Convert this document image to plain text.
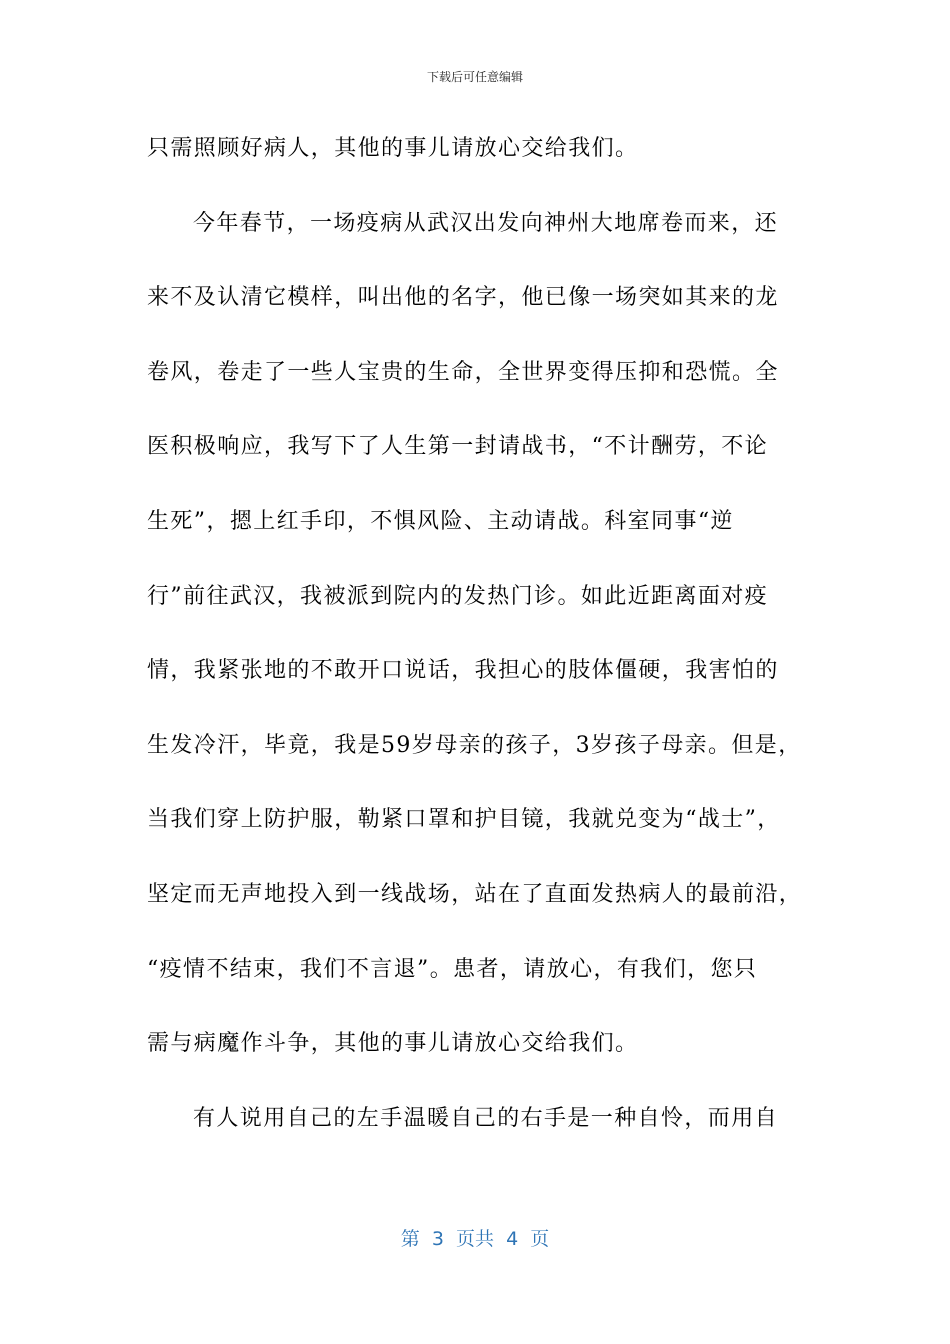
下载后可任意编辑
只需照顾好病人，其他的事儿请放心交给我们。
今年春节，一场疫病从武汉出发向神州大地席卷而来，还
来不及认清它模样，叫出他的名字，他已像一场突如其来的龙
卷风，卷走了一些人宝贵的生命，全世界变得压抑和恐慌。全
医积极响应，我写下了人生第一封请战书，“不计酬劳，不论
生死”，摁上红手印，不惧风险、主动请战。科室同事“逆
行”前往武汉，我被派到院内的发热门诊。如此近距离面对疫
情，我紧张地的不敢开口说话，我担心的肢体僵硬，我害怕的
生发冷汗，毕竟，我是59岁母亲的孩子，3岁孩子母亲。但是，
当我们穿上防护服，勒紧口罩和护目镜，我就兑变为“战士”，
坚定而无声地投入到一线战场，站在了直面发热病人的最前沿，
“疫情不结束，我们不言退”。患者，请放心，有我们，您只
需与病魔作斗争，其他的事儿请放心交给我们。
有人说用自己的左手温暖自己的右手是一种自怜，而用自
第  3  页共  4  页
